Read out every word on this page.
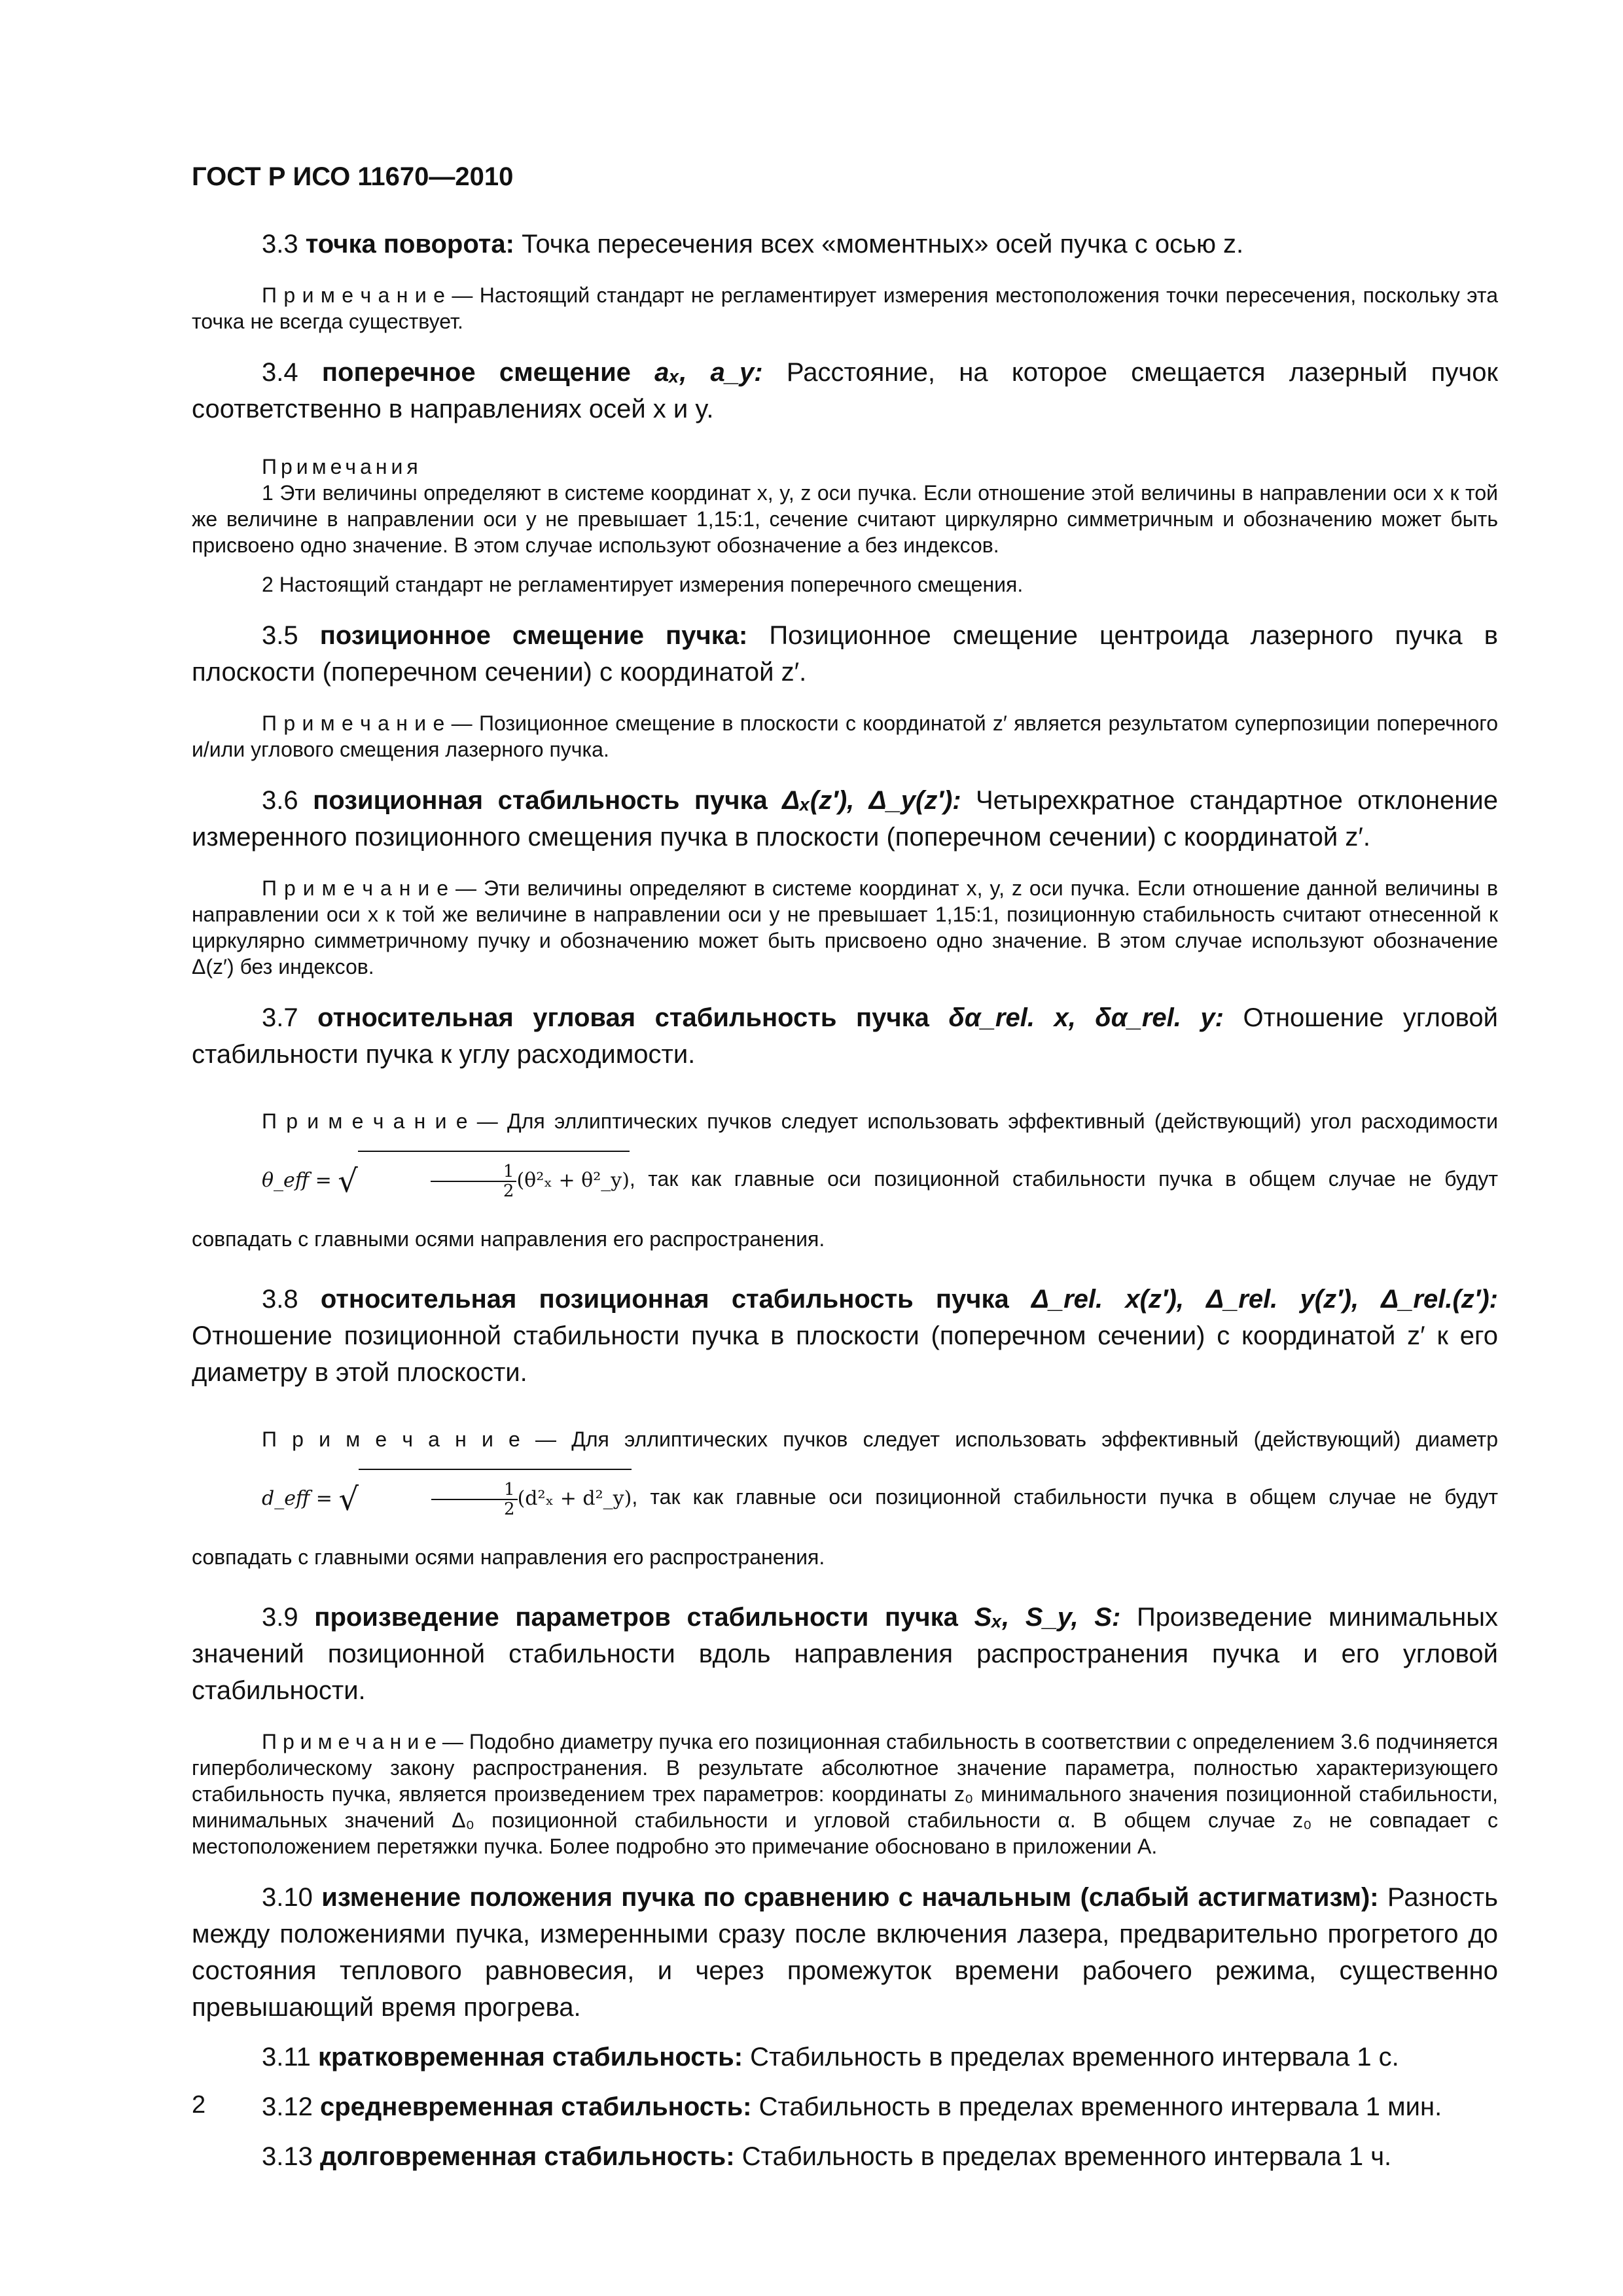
ГОСТ Р ИСО 11670—2010

3.3 точка поворота: Точка пересечения всех «моментных» осей пучка с осью z.

П р и м е ч а н и е — Настоящий стандарт не регламентирует измерения местоположения точки пересечения, поскольку эта точка не всегда существует.

3.4 поперечное смещение aₓ, a_y: Расстояние, на которое смещается лазерный пучок соответственно в направлениях осей x и y.

Примечания

1 Эти величины определяют в системе координат x, y, z оси пучка. Если отношение этой величины в направлении оси x к той же величине в направлении оси y не превышает 1,15:1, сечение считают циркулярно симметричным и обозначению может быть присвоено одно значение. В этом случае используют обозначение a без индексов.

2 Настоящий стандарт не регламентирует измерения поперечного смещения.

3.5 позиционное смещение пучка: Позиционное смещение центроида лазерного пучка в плоскости (поперечном сечении) с координатой z′.

П р и м е ч а н и е — Позиционное смещение в плоскости с координатой z′ является результатом суперпозиции поперечного и/или углового смещения лазерного пучка.

3.6 позиционная стабильность пучка Δₓ(z′), Δ_y(z′): Четырехкратное стандартное отклонение измеренного позиционного смещения пучка в плоскости (поперечном сечении) с координатой z′.

П р и м е ч а н и е — Эти величины определяют в системе координат x, y, z оси пучка. Если отношение данной величины в направлении оси x к той же величине в направлении оси y не превышает 1,15:1, позиционную стабильность считают отнесенной к циркулярно симметричному пучку и обозначению может быть присвоено одно значение. В этом случае используют обозначение Δ(z′) без индексов.

3.7 относительная угловая стабильность пучка δα_rel. x, δα_rel. y: Отношение угловой стабильности пучка к углу расходимости.

П р и м е ч а н и е — Для эллиптических пучков следует использовать эффективный (действующий) угол расходимости θ_eff = √	$\frac{1}{2} (\theta^2_x$ + θ²_y), так как главные оси позиционной стабильности пучка в общем случае не будут совпадать с главными осями направления его распространения.

3.8 относительная позиционная стабильность пучка Δ_rel. x(z′), Δ_rel. y(z′), Δ_rel.(z′): Отношение позиционной стабильности пучка в плоскости (поперечном сечении) с координатой z′ к его диаметру в этой плоскости.

П р и м е ч а н и е — Для эллиптических пучков следует использовать эффективный (действующий) диаметр d_eff = √	$\frac{1}{2} (d^2_x$ + d²_y), так как главные оси позиционной стабильности пучка в общем случае не будут совпадать с главными осями направления его распространения.

3.9 произведение параметров стабильности пучка Sₓ, S_y, S: Произведение минимальных значений позиционной стабильности вдоль направления распространения пучка и его угловой стабильности.

П р и м е ч а н и е — Подобно диаметру пучка его позиционная стабильность в соответствии с определением 3.6 подчиняется гиперболическому закону распространения. В результате абсолютное значение параметра, полностью характеризующего стабильность пучка, является произведением трех параметров: координаты z₀ минимального значения позиционной стабильности, минимальных значений Δ₀ позиционной стабильности и угловой стабильности α. В общем случае z₀ не совпадает с местоположением перетяжки пучка. Более подробно это примечание обосновано в приложении А.

3.10 изменение положения пучка по сравнению с начальным (слабый астигматизм): Разность между положениями пучка, измеренными сразу после включения лазера, предварительно прогретого до состояния теплового равновесия, и через промежуток времени рабочего режима, существенно превышающий время прогрева.

3.11 кратковременная стабильность: Стабильность в пределах временного интервала 1 с.

3.12 средневременная стабильность: Стабильность в пределах временного интервала 1 мин.

3.13 долговременная стабильность: Стабильность в пределах временного интервала 1 ч.

2
